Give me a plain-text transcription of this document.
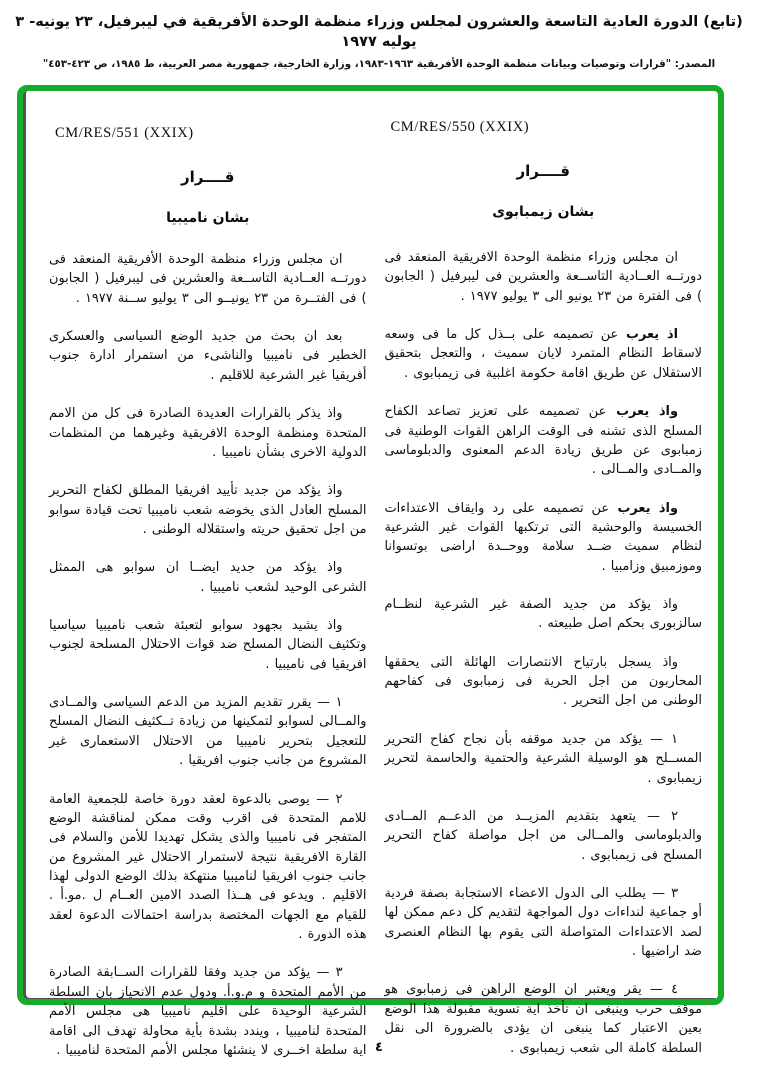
(تابع) الدورة العادية التاسعة والعشرون لمجلس وزراء منظمة الوحدة الأفريقية في ليبرفيل، ٢٣ يونيه- ٣ يوليه ١٩٧٧
المصدر: "قرارات وتوصيات وبيانات منظمة الوحدة الأفريقية ١٩٦٣-١٩٨٣، وزارة الخارجية، جمهورية مصر العربية، ط ١٩٨٥، ص ٤٢٣-٤٥٣"
CM/RES/550 (XXIX)
قــــرار
بشان زيمبابوى

ان مجلس وزراء منظمة الوحدة الافريقية المنعقد فى دورتــه العــادية التاســعة والعشرين فى ليبرفيل ( الجابون ) فى الفترة من ٢٣ يونيو الى ٣ يوليو ١٩٧٧ .

اذ يعرب عن تصميمه على بــذل كل ما فى وسعه لاسقاط النظام المتمرد لايان سميث ، والتعجل بتحقيق الاستقلال عن طريق اقامة حكومة اغلبية فى زيمبابوى .

واذ يعرب عن تصميمه على تعزيز تصاعد الكفاح المسلح الذى تشنه فى الوقت الراهن القوات الوطنية فى زمبابوى عن طريق زيادة الدعم المعنوى والدبلوماسى والمــادى والمــالى .

واذ يعرب عن تصميمه على رد وايقاف الاعتداءات الخسيسة والوحشية التى ترتكبها القوات غير الشرعية لنظام سميث ضــد سلامة ووحــدة اراضى بوتسوانا وموزمبيق وزامبيا .

واذ يؤكد من جديد الصفة غير الشرعية لنظــام سالزبورى بحكم اصل طبيعته .

واذ يسجل بارتياح الانتصارات الهائلة التى يحققها المحاربون من اجل الحرية فى زمبابوى فى كفاحهم الوطنى من اجل التحرير .

١ — يؤكد من جديد موقفه بأن نجاح كفاح التحرير المســلح هو الوسيلة الشرعية والحتمية والحاسمة لتحرير زيمبابوى .

٢ — يتعهد بتقديم المزيــد من الدعــم المــادى والدبلوماسى والمــالى من اجل مواصلة كفاح التحرير المسلح فى زيمبابوى .

٣ — يطلب الى الدول الاعضاء الاستجابة بصفة فردية أو جماعية لنداءات دول المواجهة لتقديم كل دعم ممكن لها لصد الاعتداءات المتواصلة التى يقوم بها النظام العنصرى ضد اراضيها .

٤ — يقر ويعتبر ان الوضع الراهن فى زمبابوى هو موقف حرب وينبغى ان تأخذ اية تسوية مقبولة هذا الوضع بعين الاعتبار كما ينبغى ان يؤدى بالضرورة الى نقل السلطة كاملة الى شعب زيمبابوى .

CM/RES/551 (XXIX)
قــــرار
بشان ناميبيا

ان مجلس وزراء منظمة الوحدة الأفريقية المنعقد فى دورتــه العــادية التاســعة والعشرين فى ليبرفيل ( الجابون ) فى الفتــرة من ٢٣ يونيــو الى ٣ يوليو ســنة ١٩٧٧ .

بعد ان بحث من جديد الوضع السياسى والعسكرى الخطير فى ناميبيا والناشىء من استمرار ادارة جنوب أفريقيا غير الشرعية للاقليم .

واذ يذكر بالقرارات العديدة الصادرة فى كل من الامم المتحدة ومنظمة الوحدة الافريقية وغيرهما من المنظمات الدولية الاخرى بشأن ناميبيا .

واذ يؤكد من جديد تأييد افريقيا المطلق لكفاح التحرير المسلح العادل الذى يخوضه شعب ناميبيا تحت قيادة سوابو من اجل تحقيق حريته واستقلاله الوطنى .

واذ يؤكد من جديد ايضــا ان سوابو هى الممثل الشرعى الوحيد لشعب ناميبيا .

واذ يشيد بجهود سوابو لتعبئة شعب ناميبيا سياسيا وتكثيف النضال المسلح ضد قوات الاحتلال المسلحة لجنوب افريقيا فى ناميبيا .

١ — يقرر تقديم المزيد من الدعم السياسى والمــادى والمــالى لسوابو لتمكينها من زيادة تــكثيف النضال المسلح للتعجيل بتحرير ناميبيا من الاحتلال الاستعمارى غير المشروع من جانب جنوب افريقيا .

٢ — يوصى بالدعوة لعقد دورة خاصة للجمعية العامة للامم المتحدة فى اقرب وقت ممكن لمناقشة الوضع المتفجر فى ناميبيا والذى يشكل تهديدا للأمن والسلام فى القارة الافريقية نتيجة لاستمرار الاحتلال غير المشروع من جانب جنوب افريقيا لناميبيا منتهكة بذلك الوضع الدولى لهذا الاقليم . ويدعو فى هــذا الصدد الامين العــام ل .مو.أ . للقيام مع الجهات المختصة بدراسة احتمالات الدعوة لعقد هذه الدورة .

٣ — يؤكد من جديد وفقا للقرارات الســابقة الصادرة من الأمم المتحدة و م.و.أ. ودول عدم الانحياز بان السلطة الشرعية الوحيدة على اقليم ناميبيا هى مجلس الأمم المتحدة لناميبيا ، ويندد بشدة بأية محاولة تهدف الى اقامة اية سلطة اخــرى لا ينشئها مجلس الأمم المتحدة لناميبيا . ٤
